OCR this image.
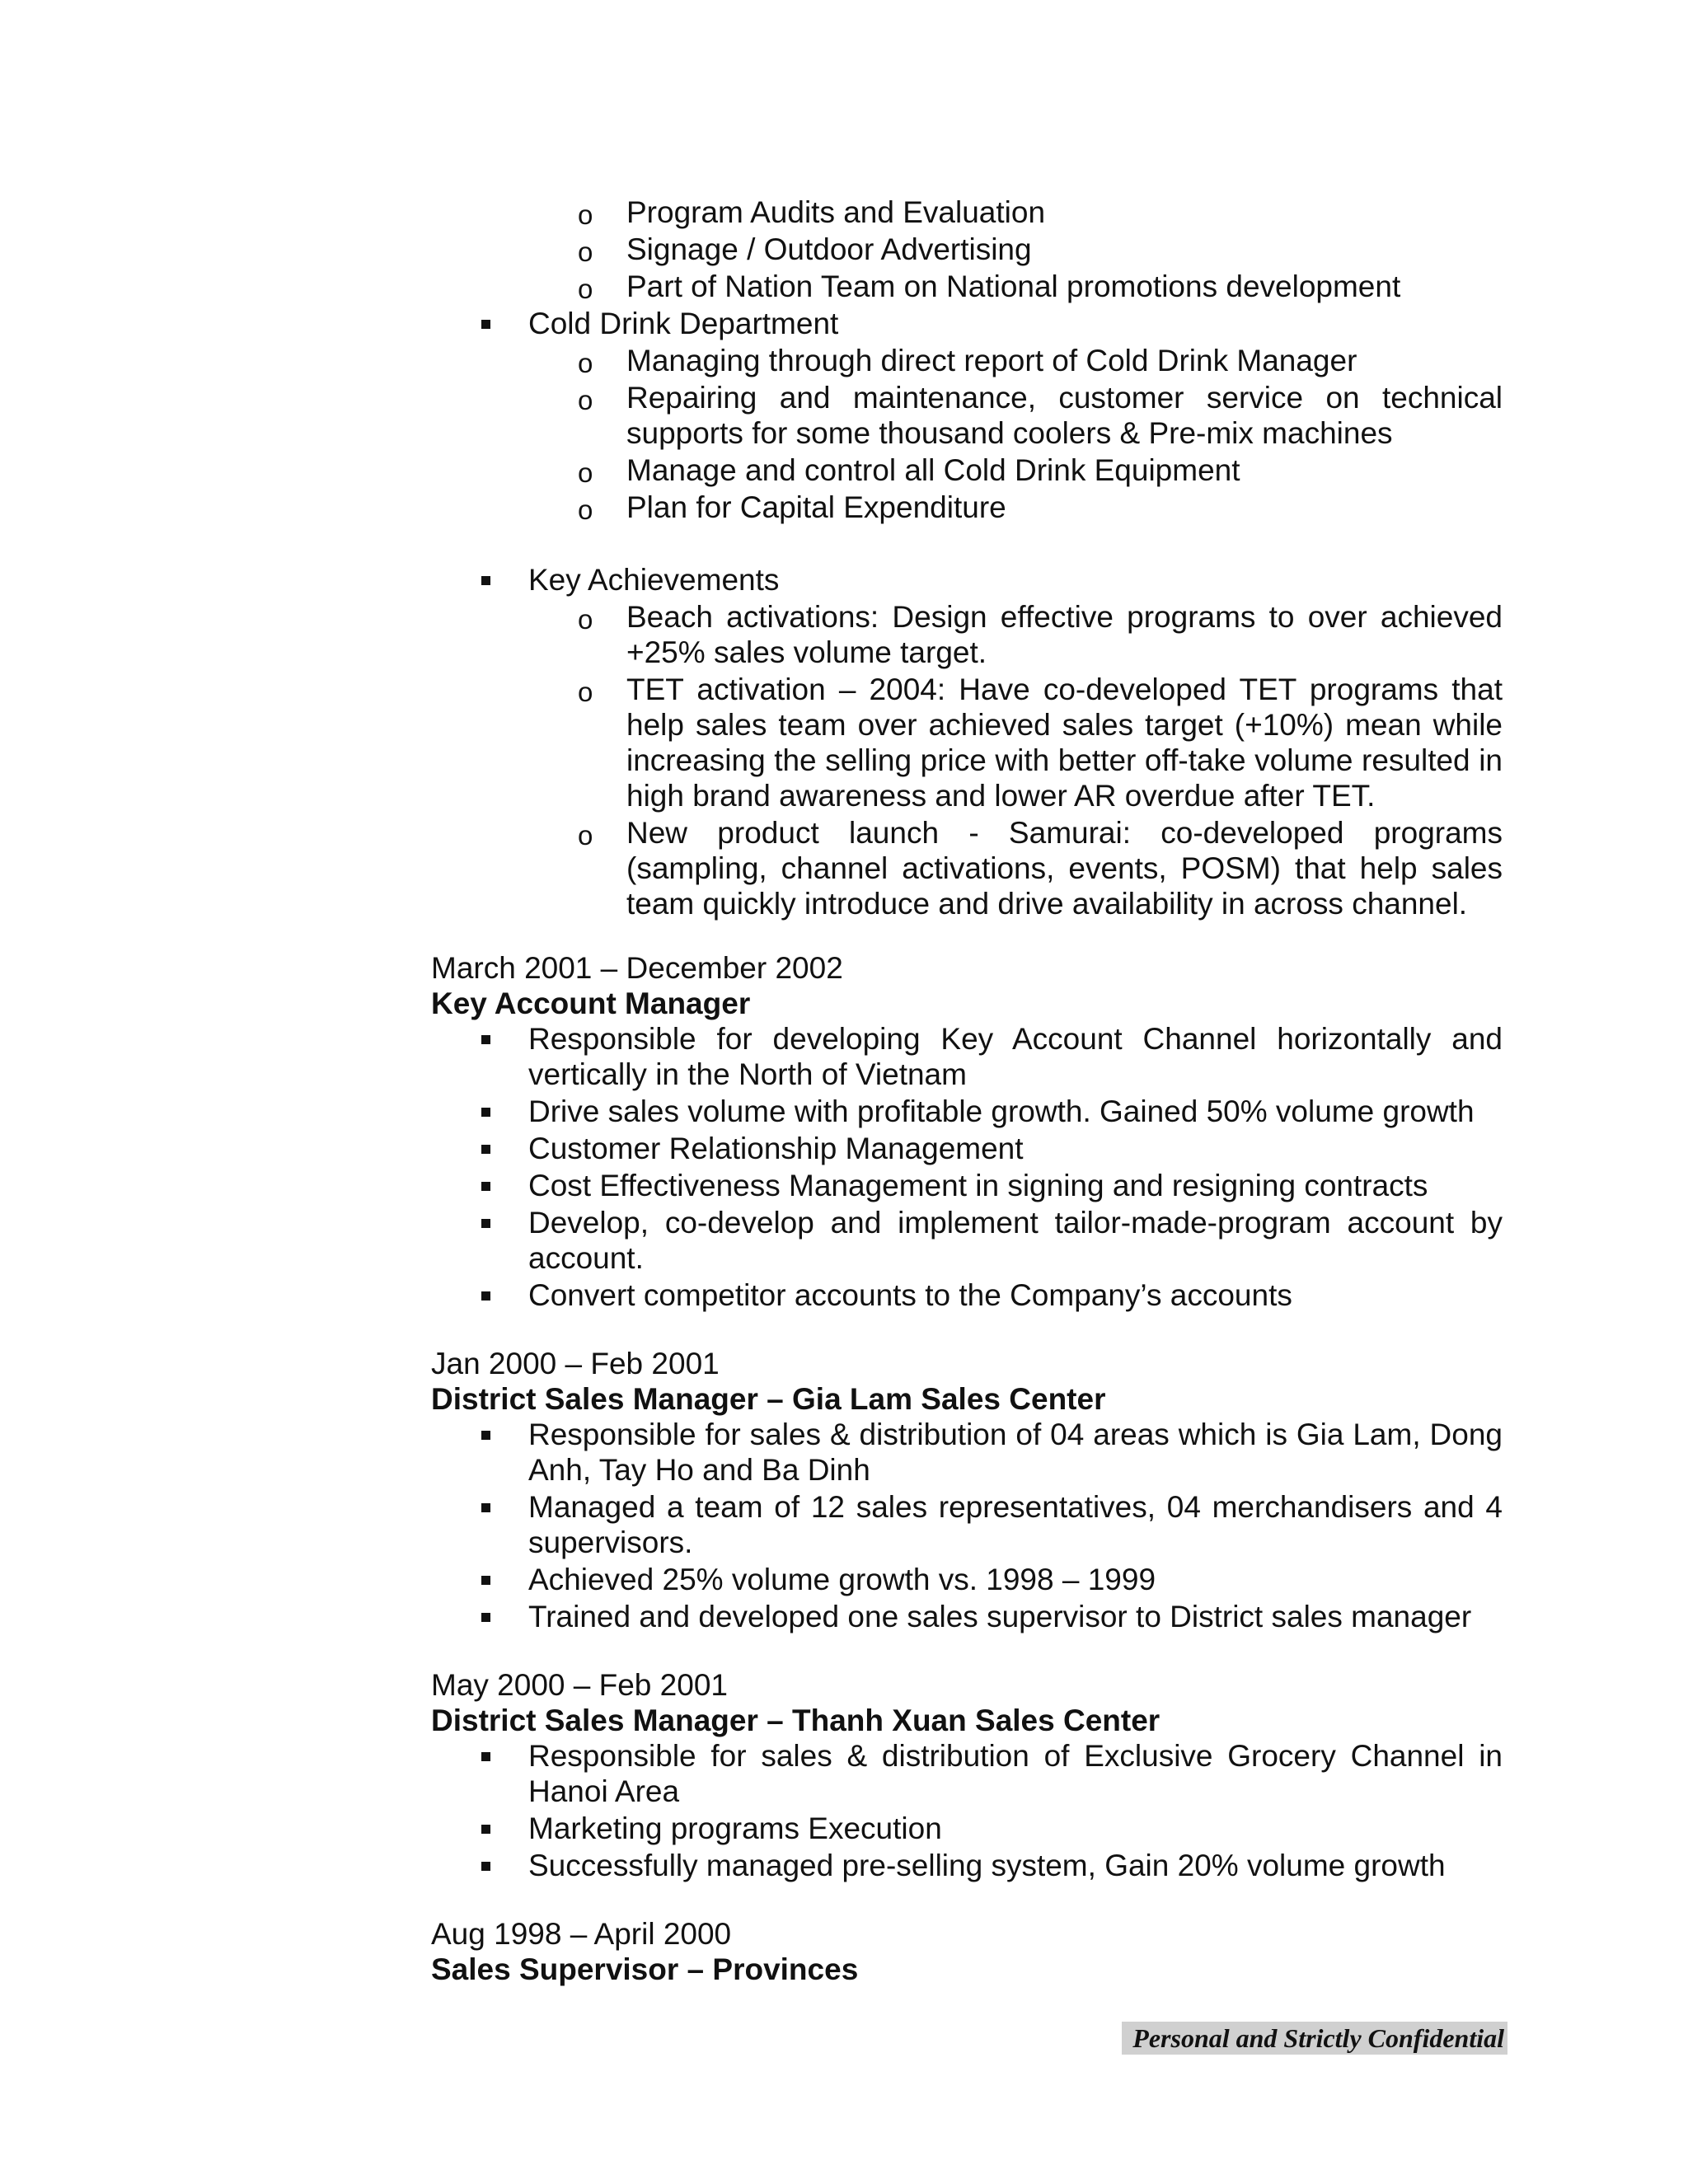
o Program Audits and Evaluation
o Signage / Outdoor Advertising
o Part of Nation Team on National promotions development
Cold Drink Department
o Managing through direct report of Cold Drink Manager
o Repairing and maintenance, customer service on technical supports for some thousand coolers & Pre-mix machines
o Manage and control all Cold Drink Equipment
o Plan for Capital Expenditure
Key Achievements
o Beach activations: Design effective programs to over achieved +25% sales volume target.
o TET activation – 2004: Have co-developed TET programs that help sales team over achieved sales target (+10%) mean while increasing the selling price with better off-take volume resulted in high brand awareness and lower AR overdue after TET.
o New product launch - Samurai: co-developed programs (sampling, channel activations, events, POSM) that help sales team quickly introduce and drive availability in across channel.
March 2001 – December 2002
Key Account Manager
Responsible for developing Key Account Channel horizontally and vertically in the North of Vietnam
Drive sales volume with profitable growth. Gained 50% volume growth
Customer Relationship Management
Cost Effectiveness Management in signing and resigning contracts
Develop, co-develop and implement tailor-made-program account by account.
Convert competitor accounts to the Company’s accounts
Jan 2000 – Feb 2001
District Sales Manager – Gia Lam Sales Center
Responsible for sales & distribution of 04 areas which is Gia Lam, Dong Anh, Tay Ho and Ba Dinh
Managed a team of 12 sales representatives, 04 merchandisers and 4 supervisors.
Achieved 25% volume growth vs. 1998 – 1999
Trained and developed one sales supervisor to District sales manager
May 2000 – Feb 2001
District Sales Manager – Thanh Xuan Sales Center
Responsible for sales & distribution of Exclusive Grocery Channel in Hanoi Area
Marketing programs Execution
Successfully managed pre-selling system, Gain 20% volume growth
Aug 1998 – April 2000
Sales Supervisor – Provinces
Personal and Strictly Confidential
